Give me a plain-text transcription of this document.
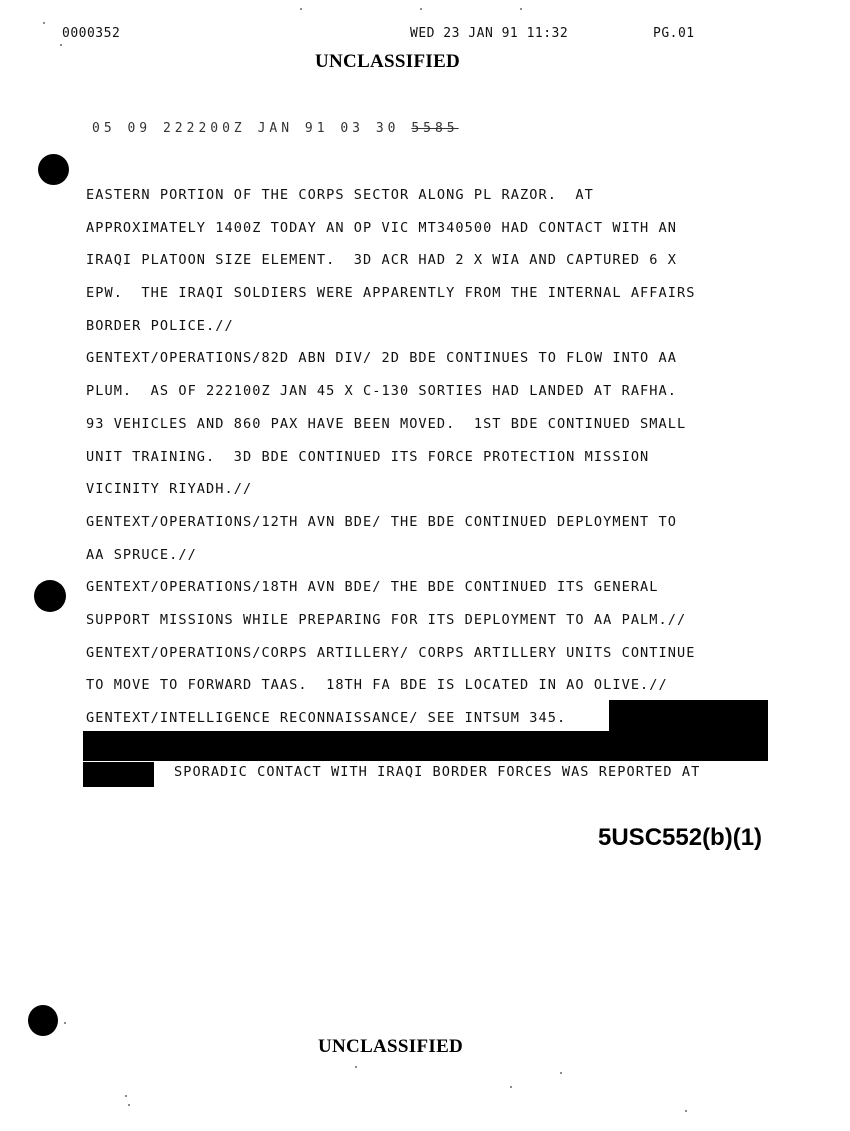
0000352	WED 23 JAN 91 11:32	PG.01
UNCLASSIFIED
05 09 222200Z JAN 91 03 30 5585
EASTERN PORTION OF THE CORPS SECTOR ALONG PL RAZOR.  AT
APPROXIMATELY 1400Z TODAY AN OP VIC MT340500 HAD CONTACT WITH AN
IRAQI PLATOON SIZE ELEMENT.  3D ACR HAD 2 X WIA AND CAPTURED 6 X
EPW.  THE IRAQI SOLDIERS WERE APPARENTLY FROM THE INTERNAL AFFAIRS
BORDER POLICE.//
GENTEXT/OPERATIONS/82D ABN DIV/ 2D BDE CONTINUES TO FLOW INTO AA
PLUM.  AS OF 222100Z JAN 45 X C-130 SORTIES HAD LANDED AT RAFHA.
93 VEHICLES AND 860 PAX HAVE BEEN MOVED.  1ST BDE CONTINUED SMALL
UNIT TRAINING.  3D BDE CONTINUED ITS FORCE PROTECTION MISSION
VICINITY RIYADH.//
GENTEXT/OPERATIONS/12TH AVN BDE/ THE BDE CONTINUED DEPLOYMENT TO
AA SPRUCE.//
GENTEXT/OPERATIONS/18TH AVN BDE/ THE BDE CONTINUED ITS GENERAL
SUPPORT MISSIONS WHILE PREPARING FOR ITS DEPLOYMENT TO AA PALM.//
GENTEXT/OPERATIONS/CORPS ARTILLERY/ CORPS ARTILLERY UNITS CONTINUE
TO MOVE TO FORWARD TAAS.  18TH FA BDE IS LOCATED IN AO OLIVE.//
GENTEXT/INTELLIGENCE RECONNAISSANCE/ SEE INTSUM 345.
SPORADIC CONTACT WITH IRAQI BORDER FORCES WAS REPORTED AT
5USC552(b)(1)
UNCLASSIFIED
